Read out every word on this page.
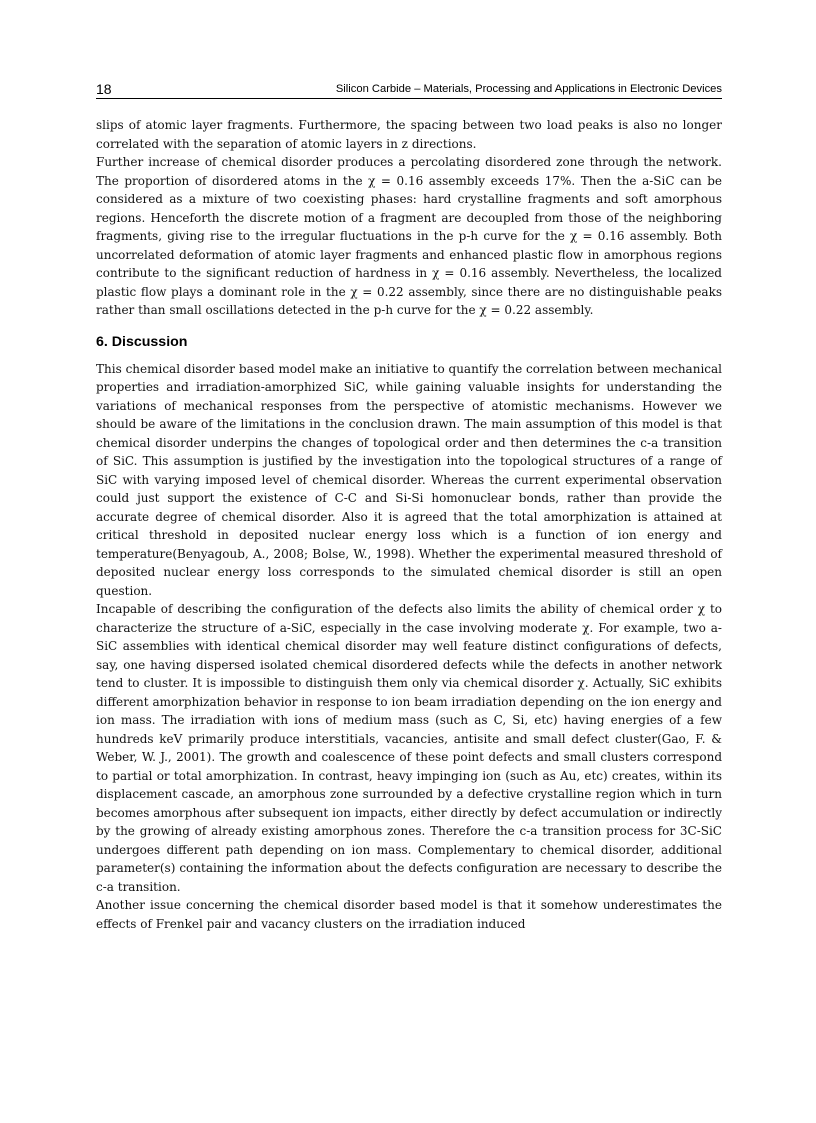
18	Silicon Carbide – Materials, Processing and Applications in Electronic Devices

slips of atomic layer fragments. Furthermore, the spacing between two load peaks is also no longer correlated with the separation of atomic layers in z directions.

Further increase of chemical disorder produces a percolating disordered zone through the network. The proportion of disordered atoms in the χ = 0.16 assembly exceeds 17%. Then the a-SiC can be considered as a mixture of two coexisting phases: hard crystalline fragments and soft amorphous regions. Henceforth the discrete motion of a fragment are decoupled from those of the neighboring fragments, giving rise to the irregular fluctuations in the p-h curve for the χ = 0.16 assembly. Both uncorrelated deformation of atomic layer fragments and enhanced plastic flow in amorphous regions contribute to the significant reduction of hardness in χ = 0.16 assembly. Nevertheless, the localized plastic flow plays a dominant role in the χ = 0.22 assembly, since there are no distinguishable peaks rather than small oscillations detected in the p-h curve for the χ = 0.22 assembly.

6. Discussion

This chemical disorder based model make an initiative to quantify the correlation between mechanical properties and irradiation-amorphized SiC, while gaining valuable insights for understanding the variations of mechanical responses from the perspective of atomistic mechanisms. However we should be aware of the limitations in the conclusion drawn. The main assumption of this model is that chemical disorder underpins the changes of topological order and then determines the c-a transition of SiC. This assumption is justified by the investigation into the topological structures of a range of SiC with varying imposed level of chemical disorder. Whereas the current experimental observation could just support the existence of C-C and Si-Si homonuclear bonds, rather than provide the accurate degree of chemical disorder. Also it is agreed that the total amorphization is attained at critical threshold in deposited nuclear energy loss which is a function of ion energy and temperature(Benyagoub, A., 2008; Bolse, W., 1998). Whether the experimental measured threshold of deposited nuclear energy loss corresponds to the simulated chemical disorder is still an open question.

Incapable of describing the configuration of the defects also limits the ability of chemical order χ to characterize the structure of a-SiC, especially in the case involving moderate χ. For example, two a-SiC assemblies with identical chemical disorder may well feature distinct configurations of defects, say, one having dispersed isolated chemical disordered defects while the defects in another network tend to cluster. It is impossible to distinguish them only via chemical disorder χ. Actually, SiC exhibits different amorphization behavior in response to ion beam irradiation depending on the ion energy and ion mass. The irradiation with ions of medium mass (such as C, Si, etc) having energies of a few hundreds keV primarily produce interstitials, vacancies, antisite and small defect cluster(Gao, F. & Weber, W. J., 2001). The growth and coalescence of these point defects and small clusters correspond to partial or total amorphization. In contrast, heavy impinging ion (such as Au, etc) creates, within its displacement cascade, an amorphous zone surrounded by a defective crystalline region which in turn becomes amorphous after subsequent ion impacts, either directly by defect accumulation or indirectly by the growing of already existing amorphous zones. Therefore the c-a transition process for 3C-SiC undergoes different path depending on ion mass. Complementary to chemical disorder, additional parameter(s) containing the information about the defects configuration are necessary to describe the c-a transition.

Another issue concerning the chemical disorder based model is that it somehow underestimates the effects of Frenkel pair and vacancy clusters on the irradiation induced
